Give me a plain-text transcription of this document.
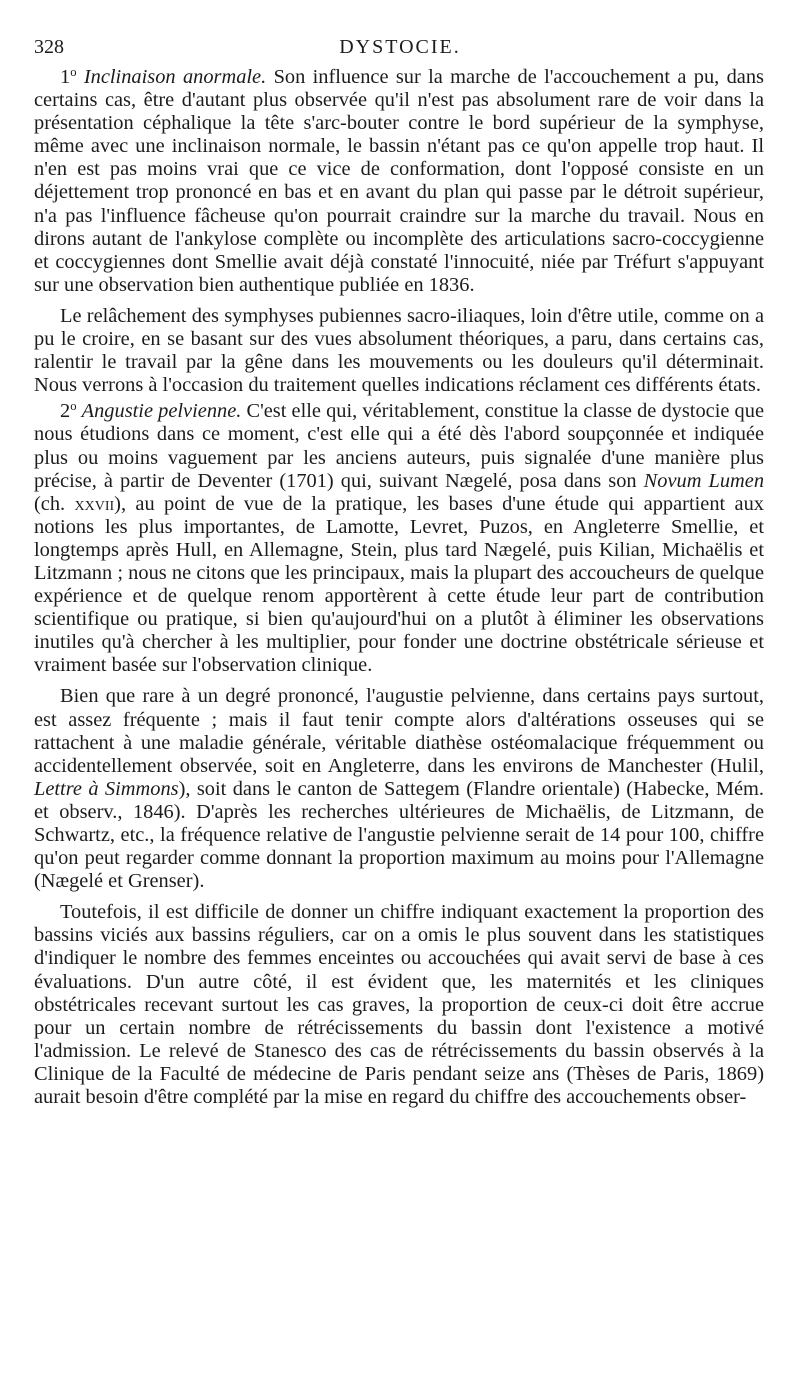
328	DYSTOCIE.

1$^o$ Inclinaison anormale. Son influence sur la marche de l'accouchement a pu, dans certains cas, être d'autant plus observée qu'il n'est pas absolument rare de voir dans la présentation céphalique la tête s'arc-bouter contre le bord supérieur de la symphyse, même avec une inclinaison normale, le bassin n'étant pas ce qu'on appelle trop haut. Il n'en est pas moins vrai que ce vice de conformation, dont l'opposé consiste en un déjettement trop prononcé en bas et en avant du plan qui passe par le détroit supérieur, n'a pas l'influence fâcheuse qu'on pourrait craindre sur la marche du travail. Nous en dirons autant de l'ankylose complète ou incomplète des articulations sacro-coccygienne et coccygiennes dont Smellie avait déjà constaté l'innocuité, niée par Tréfurt s'appuyant sur une observation bien authentique publiée en 1836.

Le relâchement des symphyses pubiennes sacro-iliaques, loin d'être utile, comme on a pu le croire, en se basant sur des vues absolument théoriques, a paru, dans certains cas, ralentir le travail par la gêne dans les mouvements ou les douleurs qu'il déterminait. Nous verrons à l'occasion du traitement quelles indications réclament ces différents états.

2$^o$ Angustie pelvienne. C'est elle qui, véritablement, constitue la classe de dystocie que nous étudions dans ce moment, c'est elle qui a été dès l'abord soupçonnée et indiquée plus ou moins vaguement par les anciens auteurs, puis signalée d'une manière plus précise, à partir de Deventer (1701) qui, suivant Nægelé, posa dans son Novum Lumen (ch. xxvii), au point de vue de la pratique, les bases d'une étude qui appartient aux notions les plus importantes, de Lamotte, Levret, Puzos, en Angleterre Smellie, et longtemps après Hull, en Allemagne, Stein, plus tard Nægelé, puis Kilian, Michaëlis et Litzmann ; nous ne citons que les principaux, mais la plupart des accoucheurs de quelque expérience et de quelque renom apportèrent à cette étude leur part de contribution scientifique ou pratique, si bien qu'aujourd'hui on a plutôt à éliminer les observations inutiles qu'à chercher à les multiplier, pour fonder une doctrine obstétricale sérieuse et vraiment basée sur l'observation clinique.

Bien que rare à un degré prononcé, l'augustie pelvienne, dans certains pays surtout, est assez fréquente ; mais il faut tenir compte alors d'altérations osseuses qui se rattachent à une maladie générale, véritable diathèse ostéomalacique fréquemment ou accidentellement observée, soit en Angleterre, dans les environs de Manchester (Hulil, Lettre à Simmons), soit dans le canton de Sattegem (Flandre orientale) (Habecke, Mém. et observ., 1846). D'après les recherches ultérieures de Michaëlis, de Litzmann, de Schwartz, etc., la fréquence relative de l'angustie pelvienne serait de 14 pour 100, chiffre qu'on peut regarder comme donnant la proportion maximum au moins pour l'Allemagne (Nægelé et Grenser).

Toutefois, il est difficile de donner un chiffre indiquant exactement la proportion des bassins viciés aux bassins réguliers, car on a omis le plus souvent dans les statistiques d'indiquer le nombre des femmes enceintes ou accouchées qui avait servi de base à ces évaluations. D'un autre côté, il est évident que, les maternités et les cliniques obstétricales recevant surtout les cas graves, la proportion de ceux-ci doit être accrue pour un certain nombre de rétrécissements du bassin dont l'existence a motivé l'admission. Le relevé de Stanesco des cas de rétrécissements du bassin observés à la Clinique de la Faculté de médecine de Paris pendant seize ans (Thèses de Paris, 1869) aurait besoin d'être complété par la mise en regard du chiffre des accouchements obser-
